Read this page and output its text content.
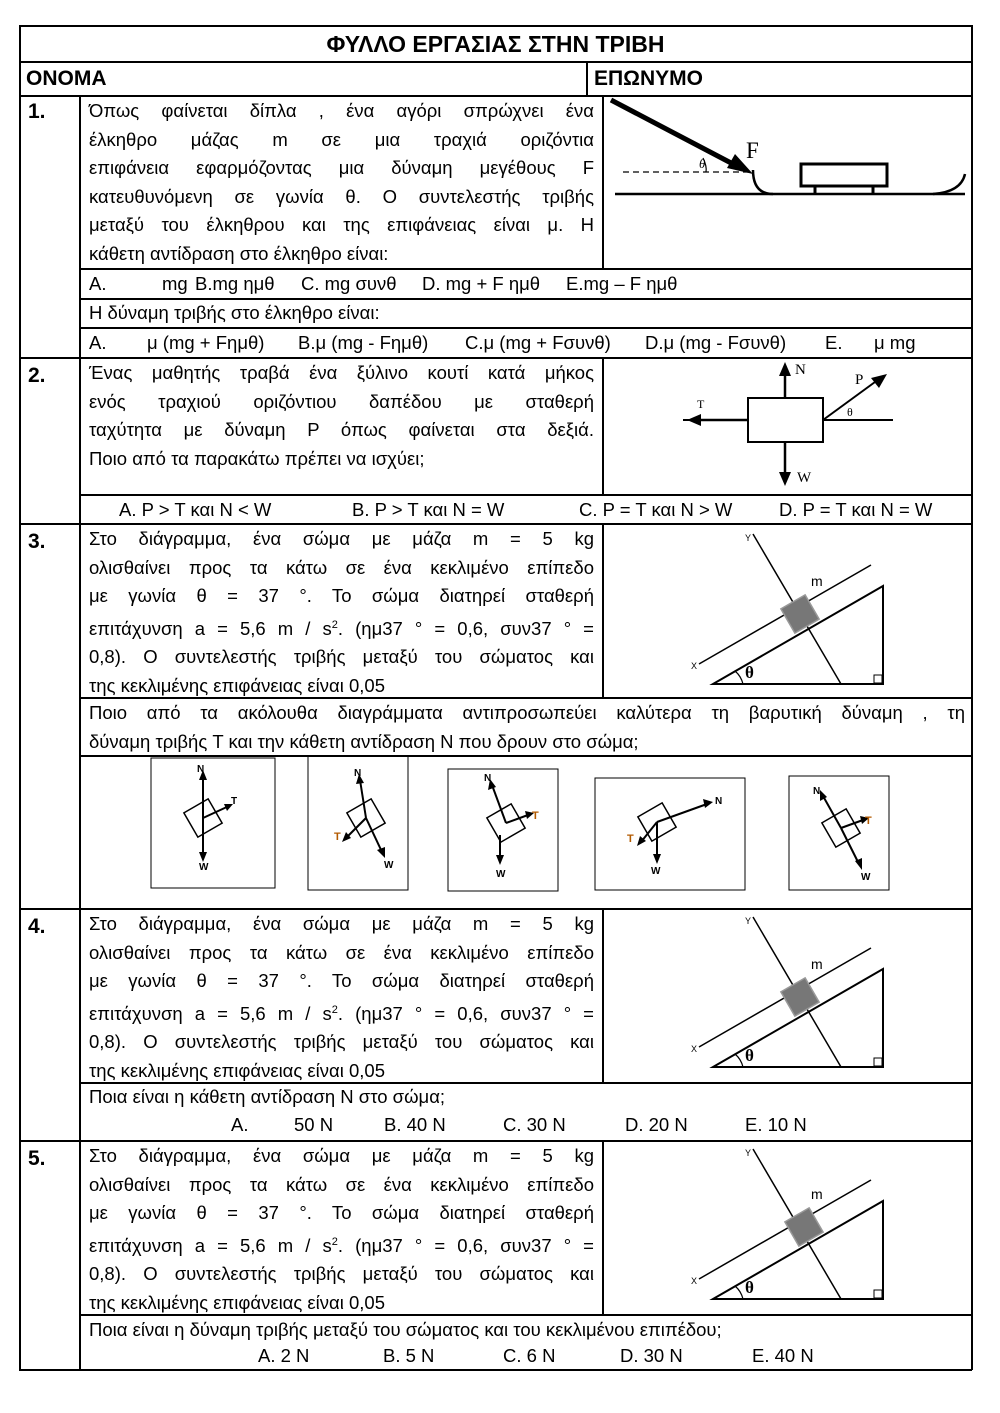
ΦΥΛΛΟ ΕΡΓΑΣΙΑΣ ΣΤΗΝ ΤΡΙΒΗ
ΟΝΟΜΑ	ΕΠΩΝΥΜΟ
1. Όπως φαίνεται δίπλα , ένα αγόρι σπρώχνει ένα
έλκηθρο μάζας m σε μια τραχιά οριζόντια
επιφάνεια εφαρμόζοντας μια δύναμη μεγέθους F
κατευθυνόμενη σε γωνία θ. Ο συντελεστής τριβής
μεταξύ του έλκηθρου και της επιφάνειας είναι μ. Η
κάθετη αντίδραση στο έλκηθρο είναι:
θ
F
A.	mg B.mg ημθ C. mg συνθ D. mg + F ημθ E.mg – F ημθ
Η δύναμη τριβής στο έλκηθρο είναι:
A. μ (mg + Fημθ) B.μ (mg - Fημθ) C.μ (mg + Fσυνθ) D.μ (mg - Fσυνθ) E. μ mg
2. Ένας μαθητής τραβά ένα ξύλινο κουτί κατά μήκος
ενός τραχιού οριζόντιου δαπέδου με σταθερή
ταχύτητα με δύναμη P όπως φαίνεται στα δεξιά.
Ποιο από τα παρακάτω πρέπει να ισχύει;
T
N
W
P
θ
A. P > T και N < W	B. P > T και N = W	C. P = T και N > W	D. P = T και N = W
3. Στο διάγραμμα, ένα σώμα με μάζα m = 5 kg
ολισθαίνει προς τα κάτω σε ένα κεκλιμένο επίπεδο
με γωνία θ = 37 °. Το σώμα διατηρεί σταθερή
επιτάχυνση a = 5,6 m / $s^2$. (ημ37 ° = 0,6, συν37 ° =
0,8). Ο συντελεστής τριβής μεταξύ του σώματος και
της κεκλιμένης επιφάνειας είναι 0,05
Y
X
m
θ
Ποιο από τα ακόλουθα διαγράμματα αντιπροσωπεύει καλύτερα τη βαρυτική δύναμη , τη
δύναμη τριβής T και την κάθετη αντίδραση N που δρουν στο σώμα;
N
T
W
N
T
W
N
T
W
N
T
W
N
T
W
4. Στο διάγραμμα, ένα σώμα με μάζα m = 5 kg
ολισθαίνει προς τα κάτω σε ένα κεκλιμένο επίπεδο
με γωνία θ = 37 °. Το σώμα διατηρεί σταθερή
επιτάχυνση a = 5,6 m / $s^2$. (ημ37 ° = 0,6, συν37 ° =
0,8). Ο συντελεστής τριβής μεταξύ του σώματος και
της κεκλιμένης επιφάνειας είναι 0,05
Y
X
m
θ
Ποια είναι η κάθετη αντίδραση N στο σώμα;
A. 50 N	B. 40 N	C. 30 N	D. 20 N	E. 10 N
5. Στο διάγραμμα, ένα σώμα με μάζα m = 5 kg
ολισθαίνει προς τα κάτω σε ένα κεκλιμένο επίπεδο
με γωνία θ = 37 °. Το σώμα διατηρεί σταθερή
επιτάχυνση a = 5,6 m / $s^2$. (ημ37 ° = 0,6, συν37 ° =
0,8). Ο συντελεστής τριβής μεταξύ του σώματος και
της κεκλιμένης επιφάνειας είναι 0,05
Y
X
m
θ
Ποια είναι η δύναμη τριβής μεταξύ του σώματος και του κεκλιμένου επιπέδου;
A. 2 N	B. 5 N	C. 6 N	D. 30 N	E. 40 N
